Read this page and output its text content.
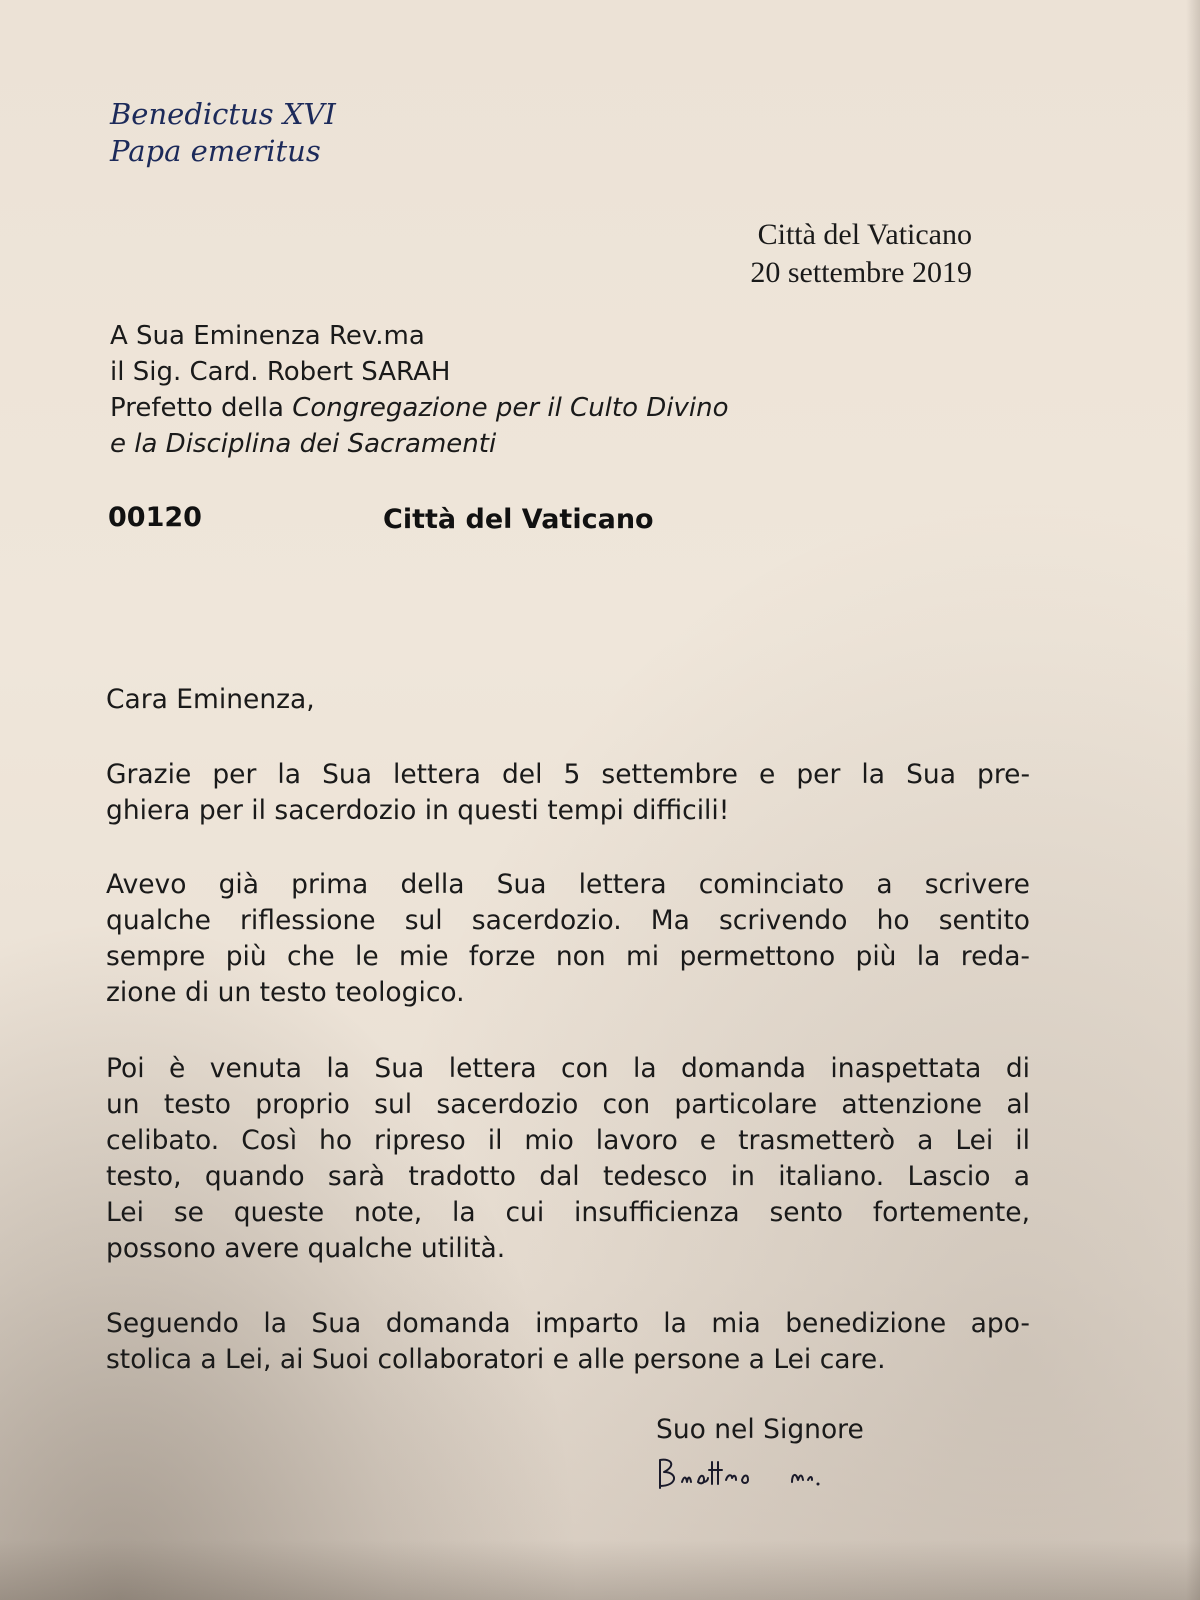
Benedictus XVI
Papa emeritus
Città del Vaticano
20 settembre 2019
A Sua Eminenza Rev.ma
il Sig. Card. Robert SARAH
Prefetto della Congregazione per il Culto Divino
e la Disciplina dei Sacramenti
00120	Città del Vaticano
Cara Eminenza,
Grazie per la Sua lettera del 5 settembre e per la Sua pre-
ghiera per il sacerdozio in questi tempi difficili!
Avevo già prima della Sua lettera cominciato a scrivere
qualche riflessione sul sacerdozio. Ma scrivendo ho sentito
sempre più che le mie forze non mi permettono più la reda-
zione di un testo teologico.
Poi è venuta la Sua lettera con la domanda inaspettata di
un testo proprio sul sacerdozio con particolare attenzione al
celibato. Così ho ripreso il mio lavoro e trasmetterò a Lei il
testo, quando sarà tradotto dal tedesco in italiano. Lascio a
Lei se queste note, la cui insufficienza sento fortemente,
possono avere qualche utilità.
Seguendo la Sua domanda imparto la mia benedizione apo-
stolica a Lei, ai Suoi collaboratori e alle persone a Lei care.
Suo nel Signore
